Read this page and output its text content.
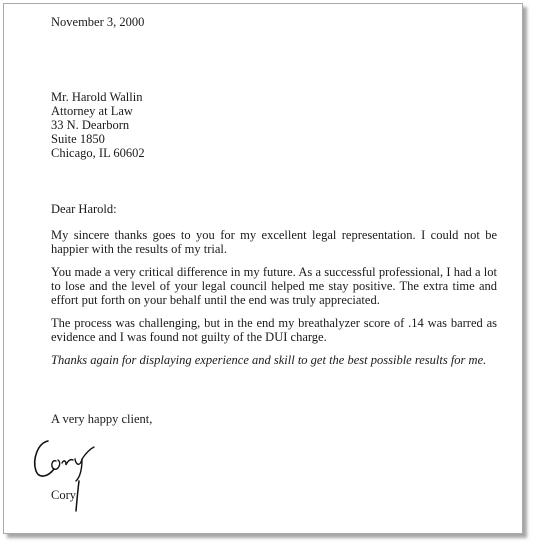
November 3, 2000
Mr. Harold Wallin
Attorney at Law
33 N. Dearborn
Suite 1850
Chicago, IL 60602
Dear Harold:

My sincere thanks goes to you for my excellent legal representation. I could not be happier with the results of my trial.

You made a very critical difference in my future. As a successful professional, I had a lot to lose and the level of your legal council helped me stay positive. The extra time and effort put forth on your behalf until the end was truly appreciated.

The process was challenging, but in the end my breathalyzer score of .14 was barred as evidence and I was found not guilty of the DUI charge.

Thanks again for displaying experience and skill to get the best possible results for me.

A very happy client,
Cory
